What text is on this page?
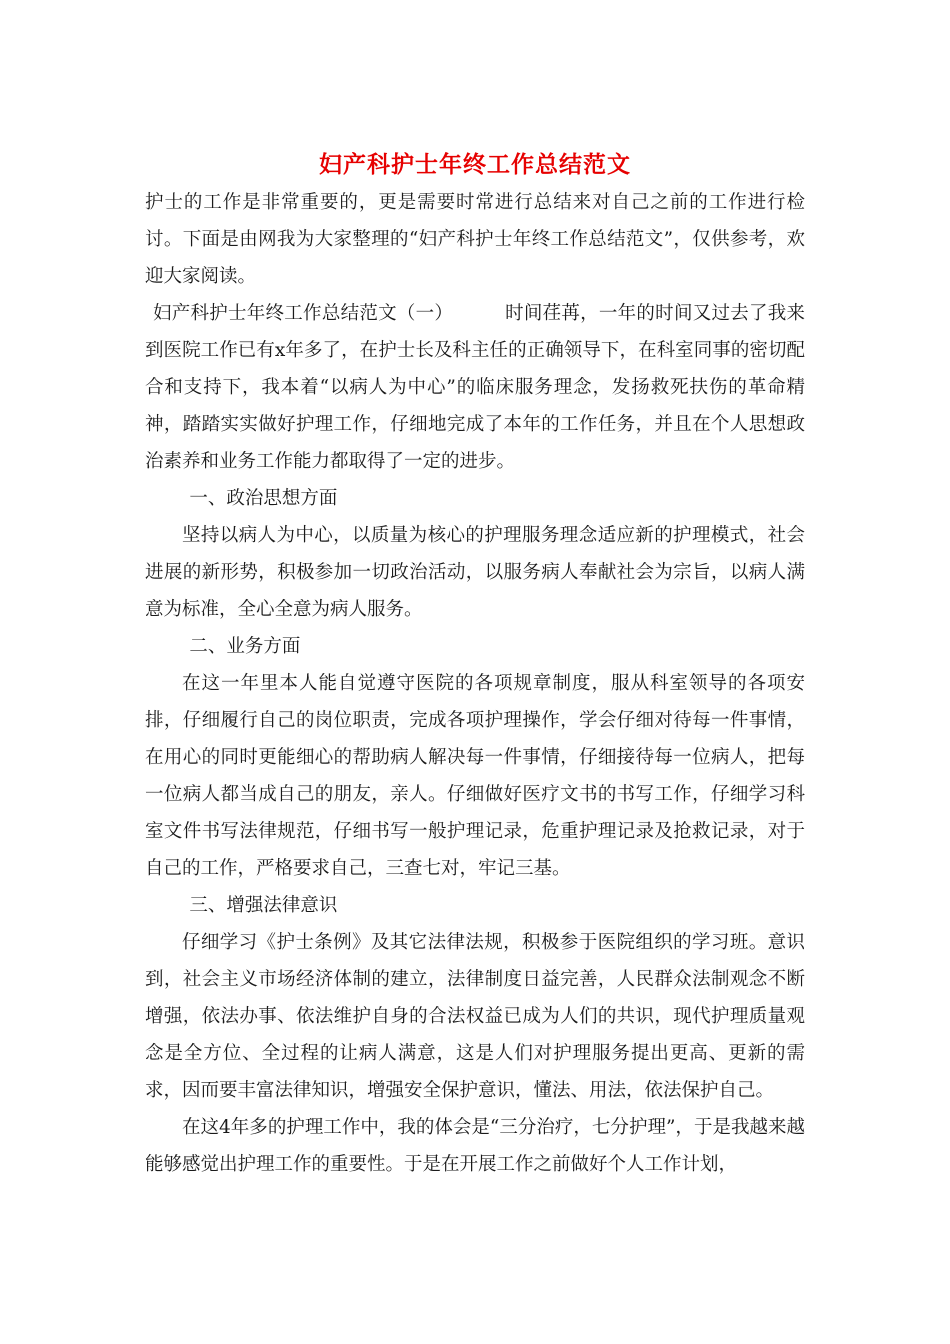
妇产科护士年终工作总结范文

护士的工作是非常重要的，更是需要时常进行总结来对自己之前的工作进行检讨。下面是由网我为大家整理的“妇产科护士年终工作总结范文”，仅供参考，欢迎大家阅读。

妇产科护士年终工作总结范文（一）	时间荏苒，一年的时间又过去了我来到医院工作已有x年多了，在护士长及科主任的正确领导下，在科室同事的密切配合和支持下，我本着“以病人为中心”的临床服务理念，发扬救死扶伤的革命精神，踏踏实实做好护理工作，仔细地完成了本年的工作任务，并且在个人思想政治素养和业务工作能力都取得了一定的进步。

一、政治思想方面

坚持以病人为中心，以质量为核心的护理服务理念适应新的护理模式，社会进展的新形势，积极参加一切政治活动，以服务病人奉献社会为宗旨，以病人满意为标准，全心全意为病人服务。

二、业务方面

在这一年里本人能自觉遵守医院的各项规章制度，服从科室领导的各项安排，仔细履行自己的岗位职责，完成各项护理操作，学会仔细对待每一件事情，在用心的同时更能细心的帮助病人解决每一件事情，仔细接待每一位病人，把每一位病人都当成自己的朋友，亲人。仔细做好医疗文书的书写工作，仔细学习科室文件书写法律规范，仔细书写一般护理记录，危重护理记录及抢救记录，对于自己的工作，严格要求自己，三查七对，牢记三基。

三、增强法律意识

仔细学习《护士条例》及其它法律法规，积极参于医院组织的学习班。意识到，社会主义市场经济体制的建立，法律制度日益完善，人民群众法制观念不断增强，依法办事、依法维护自身的合法权益已成为人们的共识，现代护理质量观念是全方位、全过程的让病人满意，这是人们对护理服务提出更高、更新的需求，因而要丰富法律知识，增强安全保护意识，懂法、用法，依法保护自己。

在这4年多的护理工作中，我的体会是“三分治疗，七分护理”，于是我越来越能够感觉出护理工作的重要性。于是在开展工作之前做好个人工作计划，
